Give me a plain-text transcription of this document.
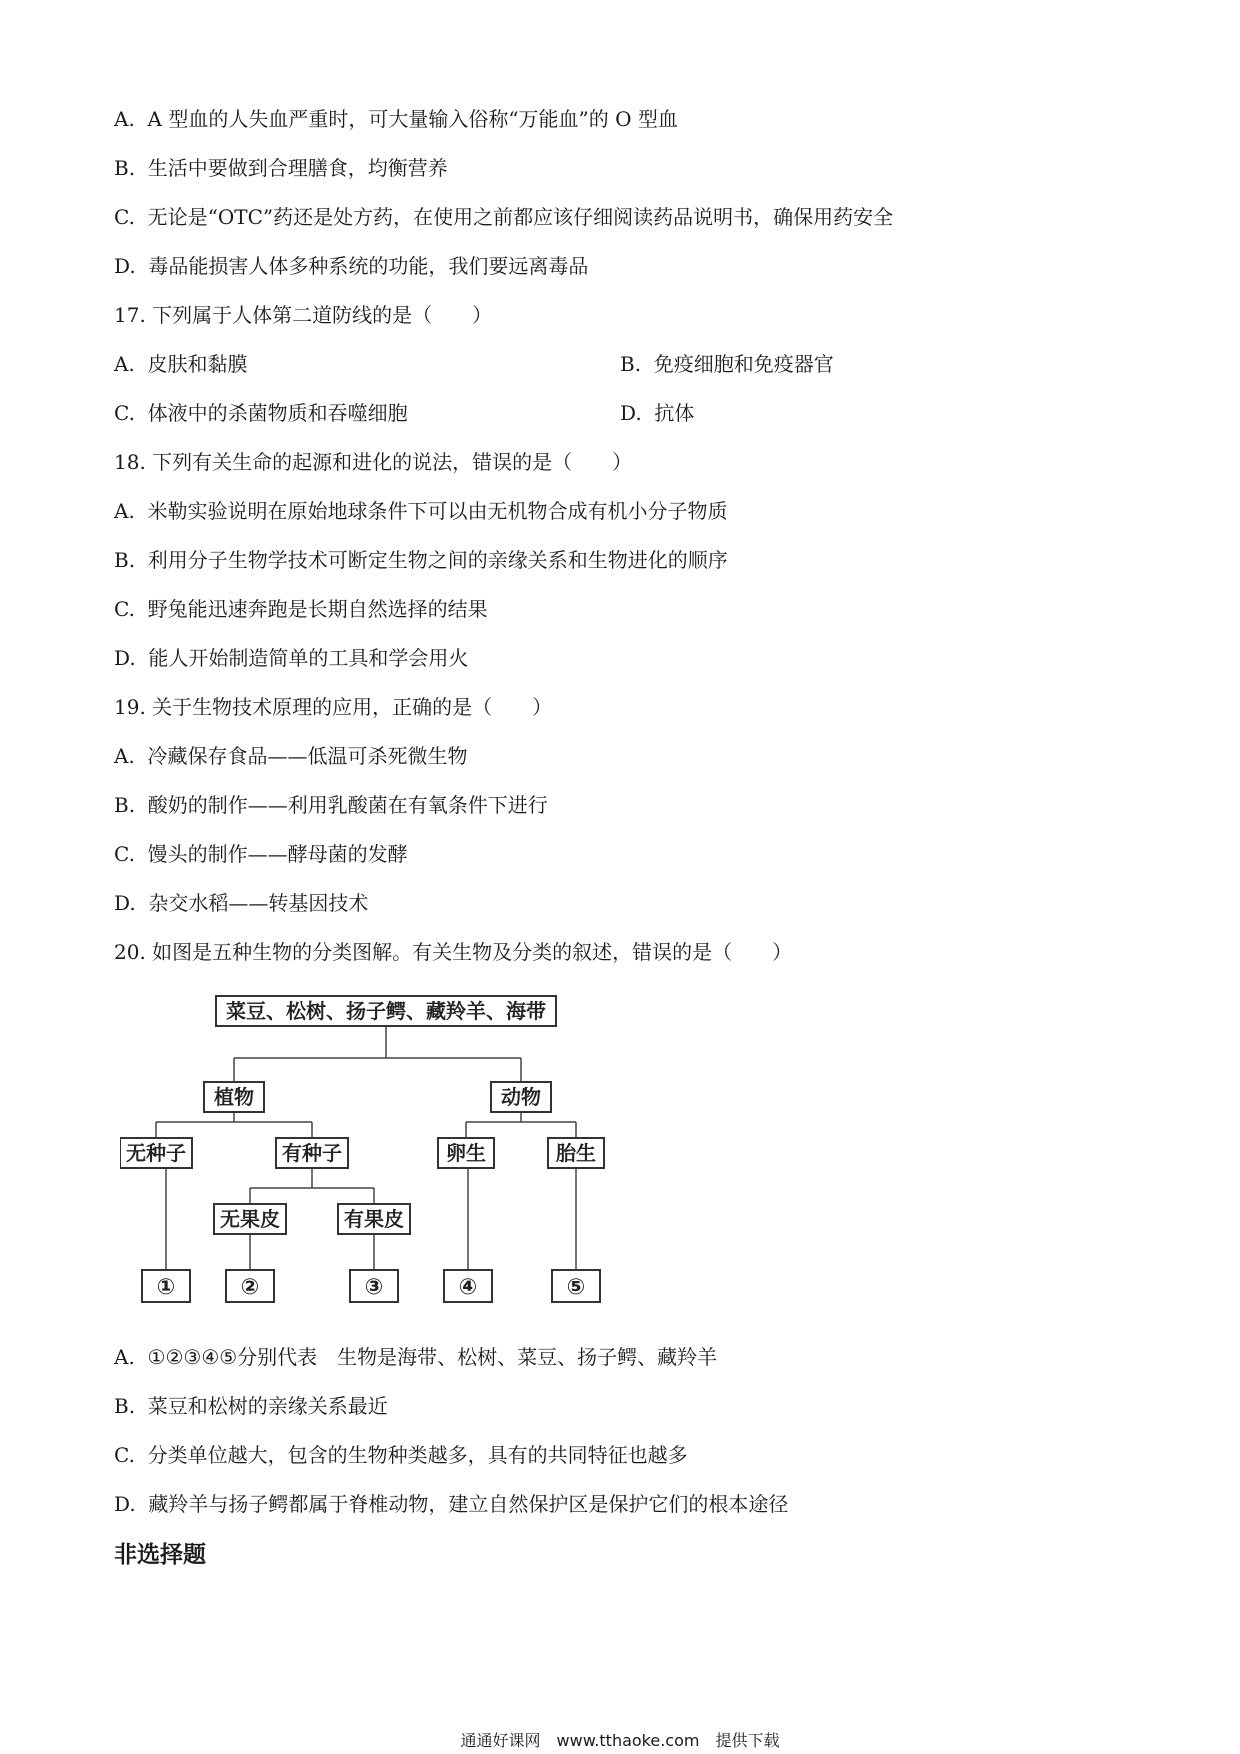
A. A 型血的人失血严重时，可大量输入俗称“万能血”的 O 型血
B. 生活中要做到合理膳食，均衡营养
C. 无论是“OTC”药还是处方药，在使用之前都应该仔细阅读药品说明书，确保用药安全
D. 毒品能损害人体多种系统的功能，我们要远离毒品
17. 下列属于人体第二道防线的是（　　）
A. 皮肤和黏膜	B. 免疫细胞和免疫器官
C. 体液中的杀菌物质和吞噬细胞	D. 抗体
18. 下列有关生命的起源和进化的说法，错误的是（　　）
A. 米勒实验说明在原始地球条件下可以由无机物合成有机小分子物质
B. 利用分子生物学技术可断定生物之间的亲缘关系和生物进化的顺序
C. 野兔能迅速奔跑是长期自然选择的结果
D. 能人开始制造简单的工具和学会用火
19. 关于生物技术原理的应用，正确的是（　　）
A. 冷藏保存食品——低温可杀死微生物
B. 酸奶的制作——利用乳酸菌在有氧条件下进行
C. 馒头的制作——酵母菌的发酵
D. 杂交水稻——转基因技术
20. 如图是五种生物的分类图解。有关生物及分类的叙述，错误的是（　　）
菜豆、松树、扬子鳄、藏羚羊、海带
植物	动物
无种子	有种子	卵生	胎生
无果皮	有果皮
①	②	③	④	⑤
A. ①②③④⑤分别代表　生物是海带、松树、菜豆、扬子鳄、藏羚羊
B. 菜豆和松树的亲缘关系最近
C. 分类单位越大，包含的生物种类越多，具有的共同特征也越多
D. 藏羚羊与扬子鳄都属于脊椎动物，建立自然保护区是保护它们的根本途径
非选择题
通通好课网　www.tthaoke.com　提供下载
